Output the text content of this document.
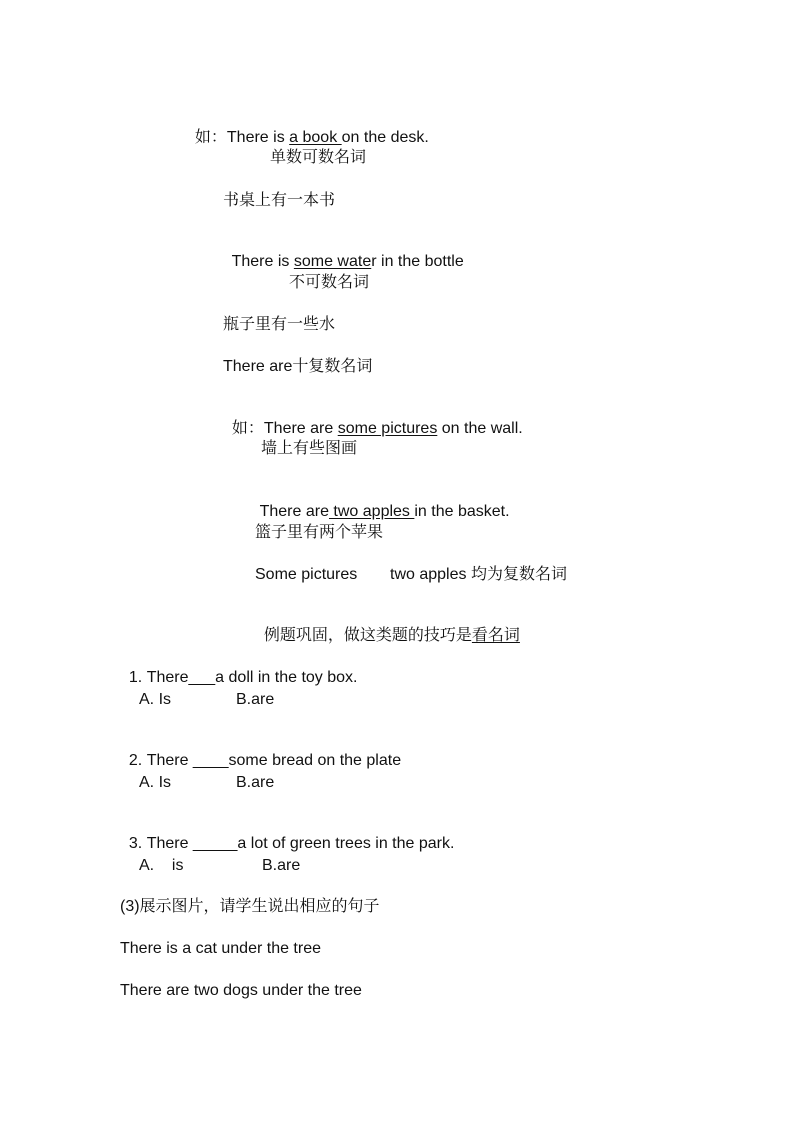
如：There is a book on the desk.

单数可数名词
书桌上有一本书

There is some water in the bottle

不可数名词
瓶子里有一些水
There are十复数名词

如：There are some pictures on the wall.

墙上有些图画

There are two apples in the basket.

篮子里有两个苹果
Some pictures two apples 均为复数名词

例题巩固，做这类题的技巧是看名词

1. There___a doll in the toy box.

A. Is	B.are

2. There ____some bread on the plate

A. Is	B.are

3. There _____a lot of green trees in the park.

A.    is	B.are
(3)展示图片，请学生说出相应的句子
There is a cat under the tree
There are two dogs under the tree
